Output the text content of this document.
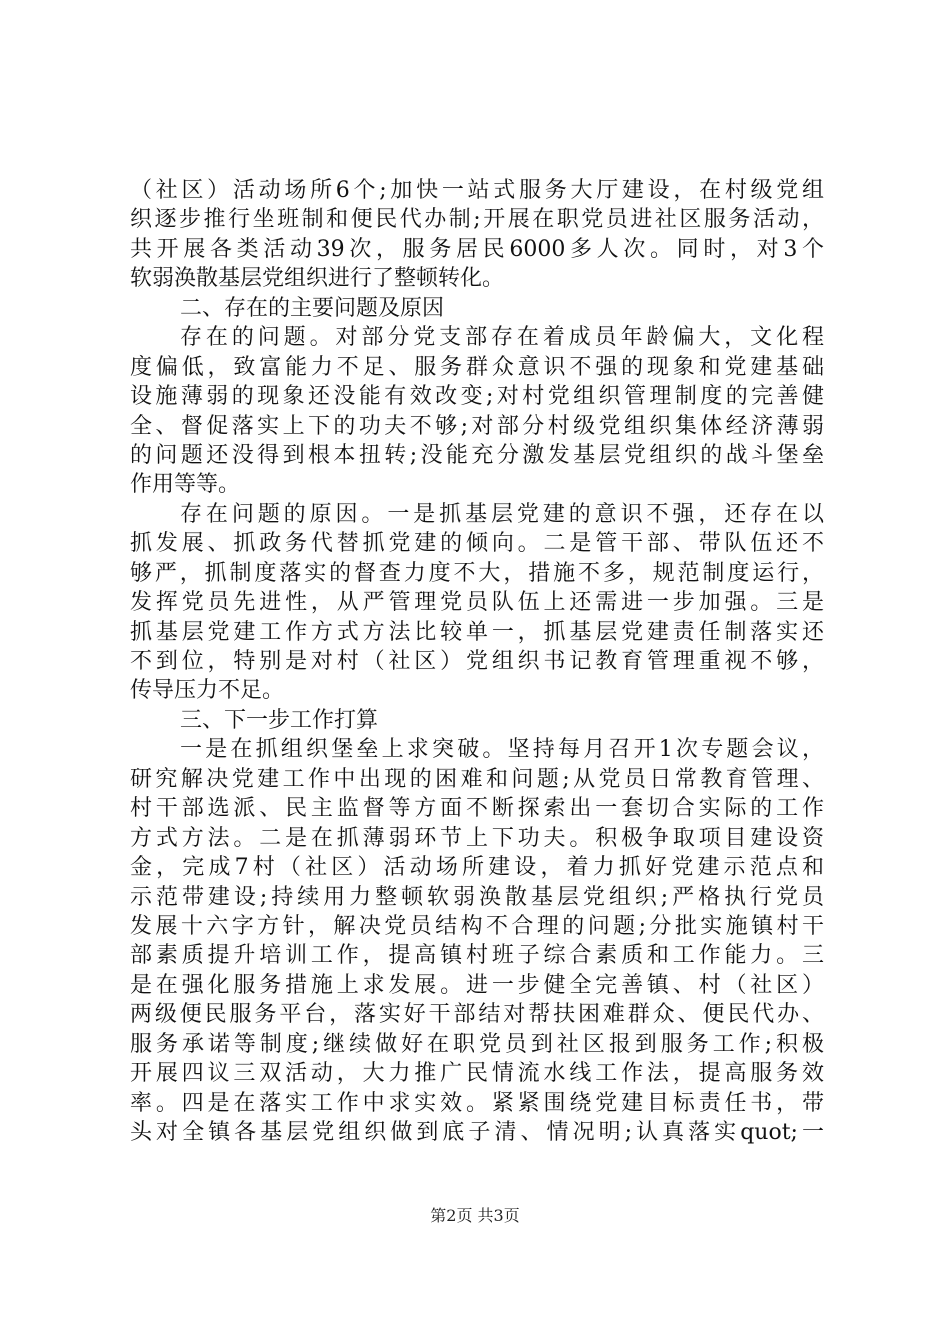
（社区）活动场所6个;加快一站式服务大厅建设，在村级党组
织逐步推行坐班制和便民代办制;开展在职党员进社区服务活动，
共开展各类活动39次，服务居民6000多人次。同时，对3个
软弱涣散基层党组织进行了整顿转化。
二、存在的主要问题及原因
存在的问题。对部分党支部存在着成员年龄偏大，文化程
度偏低，致富能力不足、服务群众意识不强的现象和党建基础
设施薄弱的现象还没能有效改变;对村党组织管理制度的完善健
全、督促落实上下的功夫不够;对部分村级党组织集体经济薄弱
的问题还没得到根本扭转;没能充分激发基层党组织的战斗堡垒
作用等等。
存在问题的原因。一是抓基层党建的意识不强，还存在以
抓发展、抓政务代替抓党建的倾向。二是管干部、带队伍还不
够严，抓制度落实的督查力度不大，措施不多，规范制度运行，
发挥党员先进性，从严管理党员队伍上还需进一步加强。三是
抓基层党建工作方式方法比较单一，抓基层党建责任制落实还
不到位，特别是对村（社区）党组织书记教育管理重视不够，
传导压力不足。
三、下一步工作打算
一是在抓组织堡垒上求突破。坚持每月召开1次专题会议，
研究解决党建工作中出现的困难和问题;从党员日常教育管理、
村干部选派、民主监督等方面不断探索出一套切合实际的工作
方式方法。二是在抓薄弱环节上下功夫。积极争取项目建设资
金，完成7村（社区）活动场所建设，着力抓好党建示范点和
示范带建设;持续用力整顿软弱涣散基层党组织;严格执行党员
发展十六字方针，解决党员结构不合理的问题;分批实施镇村干
部素质提升培训工作，提高镇村班子综合素质和工作能力。三
是在强化服务措施上求发展。进一步健全完善镇、村（社区）
两级便民服务平台，落实好干部结对帮扶困难群众、便民代办、
服务承诺等制度;继续做好在职党员到社区报到服务工作;积极
开展四议三双活动，大力推广民情流水线工作法，提高服务效
率。四是在落实工作中求实效。紧紧围绕党建目标责任书，带
头对全镇各基层党组织做到底子清、情况明;认真落实quot;一
第2页 共3页
